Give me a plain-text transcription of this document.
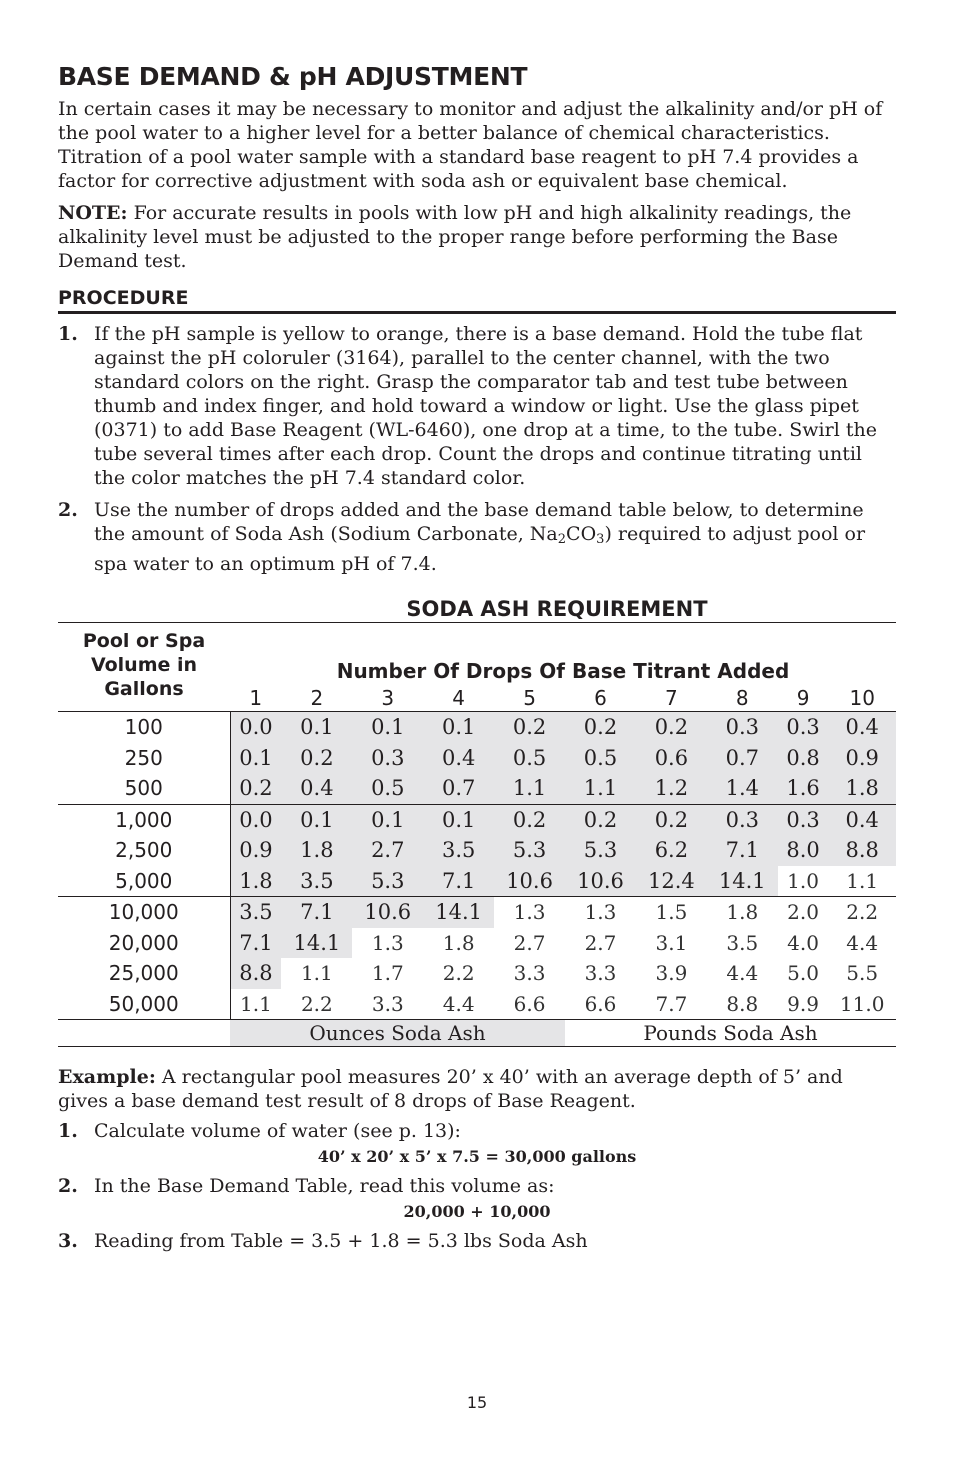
BASE DEMAND & pH ADJUSTMENT

In certain cases it may be necessary to monitor and adjust the alkalinity and/or pH of the pool water to a higher level for a better balance of chemical characteristics. Titration of a pool water sample with a standard base reagent to pH 7.4 provides a factor for corrective adjustment with soda ash or equivalent base chemical.

NOTE: For accurate results in pools with low pH and high alkalinity readings, the alkalinity level must be adjusted to the proper range before performing the Base Demand test.

PROCEDURE
1. If the pH sample is yellow to orange, there is a base demand. Hold the tube flat against the pH coloruler (3164), parallel to the center channel, with the two standard colors on the right. Grasp the comparator tab and test tube between thumb and index finger, and hold toward a window or light. Use the glass pipet (0371) to add Base Reagent (WL-6460), one drop at a time, to the tube. Swirl the tube several times after each drop. Count the drops and continue titrating until the color matches the pH 7.4 standard color.
2. Use the number of drops added and the base demand table below, to determine the amount of Soda Ash (Sodium Carbonate, $Na_2CO_3$) required to adjust pool or spa water to an optimum pH of 7.4.
SODA ASH REQUIREMENT
Pool or Spa Volume in Gallons	Number Of Drops Of Base Titrant Added									
	1	2	3	4	5	6	7	8	9	10
100	0.0	0.1	0.1	0.1	0.2	0.2	0.2	0.3	0.3	0.4
250	0.1	0.2	0.3	0.4	0.5	0.5	0.6	0.7	0.8	0.9
500	0.2	0.4	0.5	0.7	1.1	1.1	1.2	1.4	1.6	1.8
1,000	0.0	0.1	0.1	0.1	0.2	0.2	0.2	0.3	0.3	0.4
2,500	0.9	1.8	2.7	3.5	5.3	5.3	6.2	7.1	8.0	8.8
5,000	1.8	3.5	5.3	7.1	10.6	10.6	12.4	14.1	1.0	1.1
10,000	3.5	7.1	10.6	14.1	1.3	1.3	1.5	1.8	2.0	2.2
20,000	7.1	14.1	1.3	1.8	2.7	2.7	3.1	3.5	4.0	4.4
25,000	8.8	1.1	1.7	2.2	3.3	3.3	3.9	4.4	5.0	5.5
50,000	1.1	2.2	3.3	4.4	6.6	6.6	7.7	8.8	9.9	11.0
	Ounces Soda Ash					Pounds Soda Ash				

Example: A rectangular pool measures 20’ x 40’ with an average depth of 5’ and gives a base demand test result of 8 drops of Base Reagent.

1. Calculate volume of water (see p. 13):
40’ x 20’ x 5’ x 7.5 = 30,000 gallons
2. In the Base Demand Table, read this volume as:
20,000 + 10,000
3. Reading from Table = 3.5 + 1.8 = 5.3 lbs Soda Ash
15
